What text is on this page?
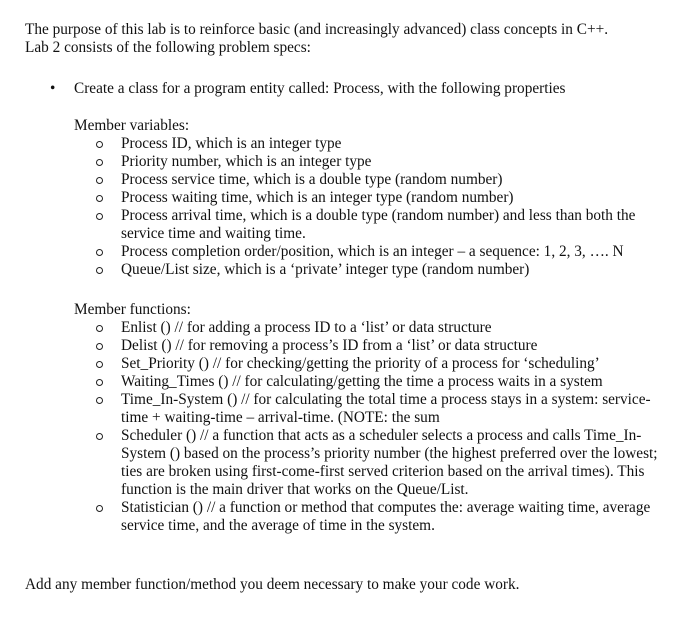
The purpose of this lab is to reinforce basic (and increasingly advanced) class concepts in C++.

Lab 2 consists of the following problem specs:

• Create a class for a program entity called: Process, with the following properties
Member variables:
Process ID, which is an integer type
Priority number, which is an integer type
Process service time, which is a double type (random number)
Process waiting time, which is an integer type (random number)
Process arrival time, which is a double type (random number) and less than both the service time and waiting time.
Process completion order/position, which is an integer – a sequence: 1, 2, 3, …. N
Queue/List size, which is a ‘private’ integer type (random number)
Member functions:
Enlist () // for adding a process ID to a ‘list’ or data structure
Delist () // for removing a process’s ID from a ‘list’ or data structure
Set_Priority () // for checking/getting the priority of a process for ‘scheduling’
Waiting_Times () // for calculating/getting the time a process waits in a system
Time_In-System () // for calculating the total time a process stays in a system: service-time + waiting-time – arrival-time. (NOTE: the sum
Scheduler () // a function that acts as a scheduler selects a process and calls Time_In-System () based on the process’s priority number (the highest preferred over the lowest; ties are broken using first-come-first served criterion based on the arrival times). This function is the main driver that works on the Queue/List.
Statistician () // a function or method that computes the: average waiting time, average service time, and the average of time in the system.
Add any member function/method you deem necessary to make your code work.
